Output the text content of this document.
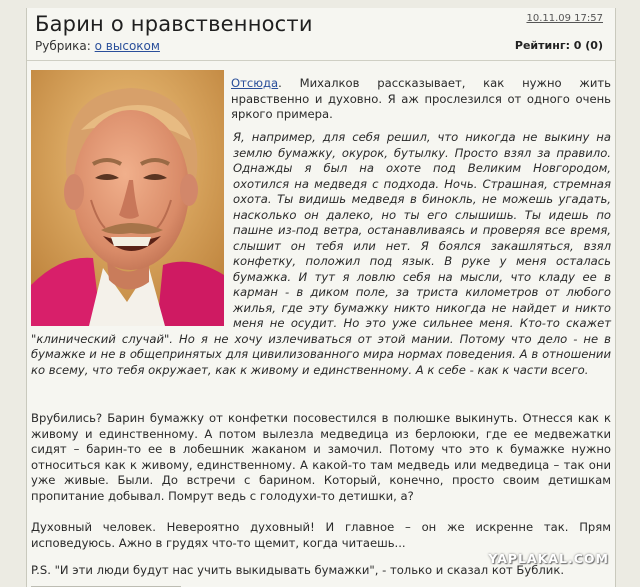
Барин о нравственности
Рубрика: о высоком
10.11.09 17:57
Рейтинг: 0 (0)

Отсюда. Михалков рассказывает, как нужно жить нравственно и духовно. Я аж прослезился от одного очень яркого примера.

Я, например, для себя решил, что никогда не выкину на землю бумажку, окурок, бутылку. Просто взял за правило. Однажды я был на охоте под Великим Новгородом, охотился на медведя с подхода. Ночь. Страшная, стремная охота. Ты видишь медведя в бинокль, не можешь угадать, насколько он далеко, но ты его слышишь. Ты идешь по пашне из-под ветра, останавливаясь и проверяя все время, слышит он тебя или нет. Я боялся закашляться, взял конфетку, положил под язык. В руке у меня осталась бумажка. И тут я ловлю себя на мысли, что кладу ее в карман - в диком поле, за триста километров от любого жилья, где эту бумажку никто никогда не найдет и никто меня не осудит. Но это уже сильнее меня. Кто-то скажет "клинический случай". Но я не хочу излечиваться от этой мании. Потому что дело - не в бумажке и не в общепринятых для цивилизованного мира нормах поведения. А в отношении ко всему, что тебя окружает, как к живому и единственному. А к себе - как к части всего.

Врубились? Барин бумажку от конфетки посовестился в полюшке выкинуть. Отнесся как к живому и единственному. А потом вылезла медведица из берлоюки, где ее медвежатки сидят – барин-то ее в лобешник жаканом и замочил. Потому что это к бумажке нужно относиться как к живому, единственному. А какой-то там медведь или медведица – так они уже живые. Были. До встречи с барином. Который, конечно, просто своим детишкам пропитание добывал. Помрут ведь с голодухи-то детишки, а?

Духовный человек. Невероятно духовный! И главное – он же искренне так. Прям исповедуюсь. Ажно в грудях что-то щемит, когда читаешь...

P.S. "И эти люди будут нас учить выкидывать бумажки", - только и сказал кот Бублик.

YAPLAKAL.COM
